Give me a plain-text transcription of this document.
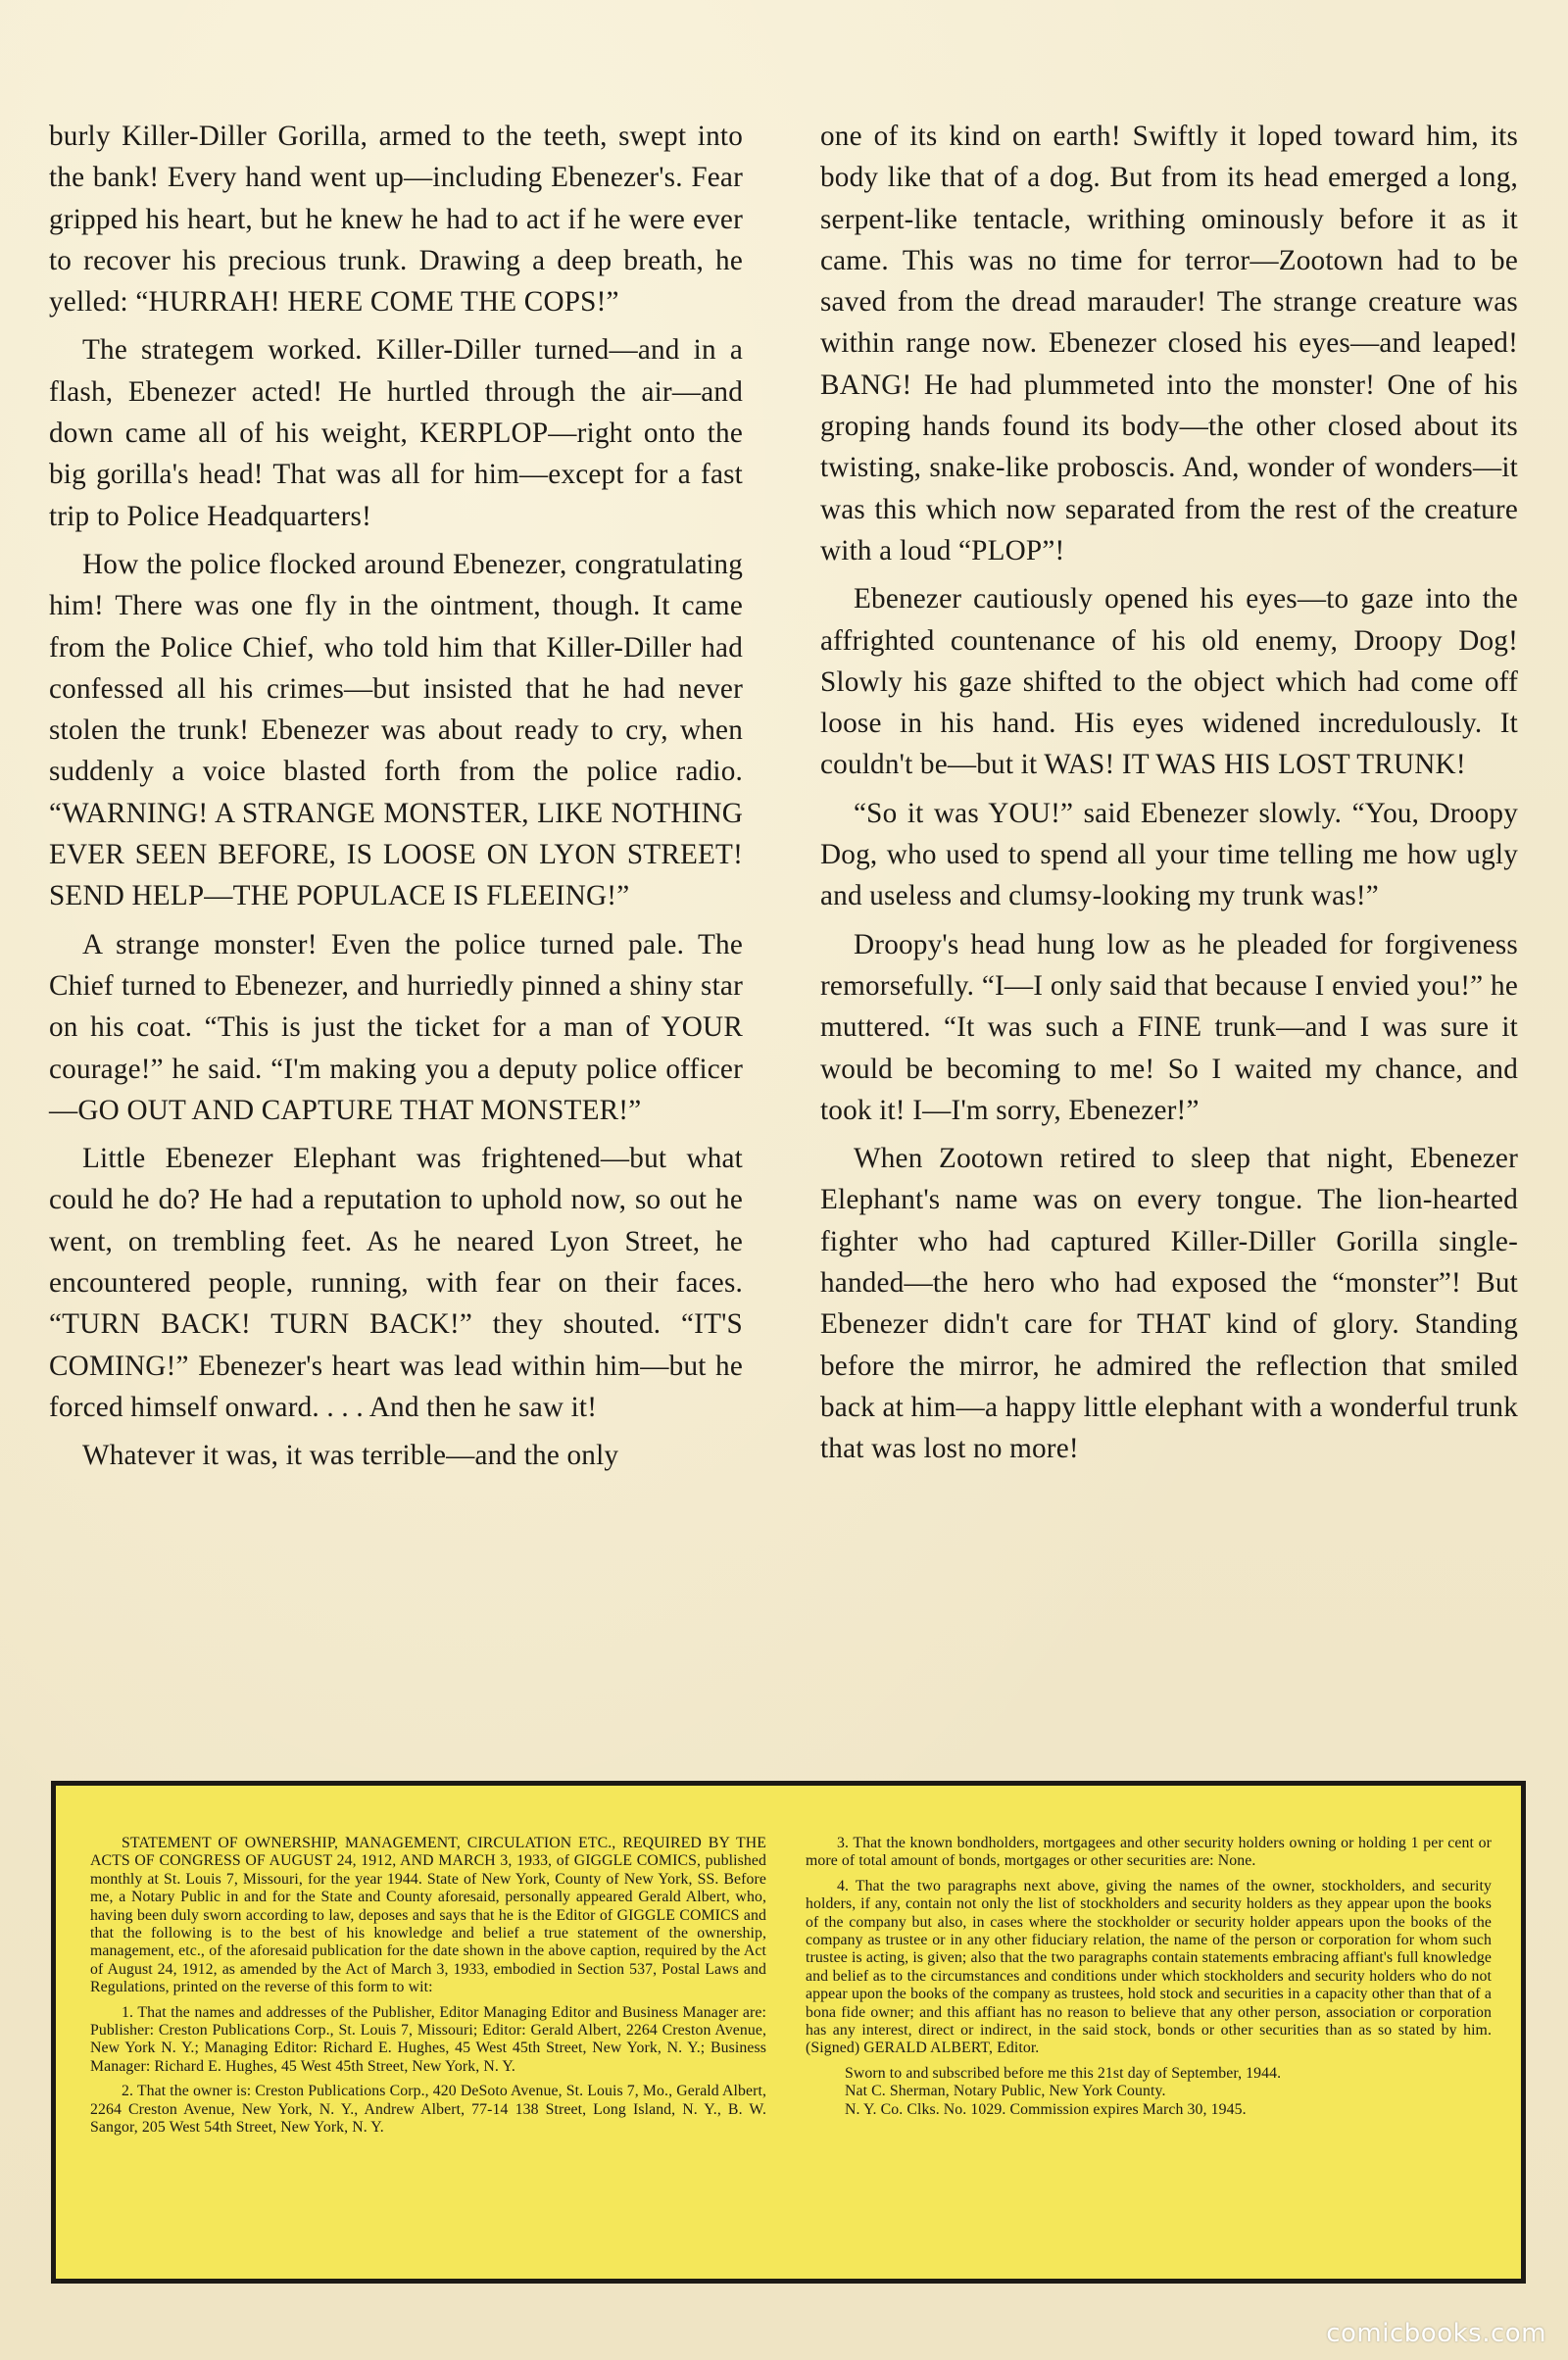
burly Killer-Diller Gorilla, armed to the teeth, swept into the bank! Every hand went up—including Ebenezer's. Fear gripped his heart, but he knew he had to act if he were ever to recover his precious trunk. Drawing a deep breath, he yelled: “HURRAH! HERE COME THE COPS!”

The strategem worked. Killer-Diller turned—and in a flash, Ebenezer acted! He hurtled through the air—and down came all of his weight, KERPLOP—right onto the big gorilla's head! That was all for him—except for a fast trip to Police Headquarters!

How the police flocked around Ebenezer, congratulating him! There was one fly in the ointment, though. It came from the Police Chief, who told him that Killer-Diller had confessed all his crimes—but insisted that he had never stolen the trunk! Ebenezer was about ready to cry, when suddenly a voice blasted forth from the police radio. “WARNING! A STRANGE MONSTER, LIKE NOTHING EVER SEEN BEFORE, IS LOOSE ON LYON STREET! SEND HELP—THE POPULACE IS FLEEING!”

A strange monster! Even the police turned pale. The Chief turned to Ebenezer, and hurriedly pinned a shiny star on his coat. “This is just the ticket for a man of YOUR courage!” he said. “I'm making you a deputy police officer—GO OUT AND CAPTURE THAT MONSTER!”

Little Ebenezer Elephant was frightened—but what could he do? He had a reputation to uphold now, so out he went, on trembling feet. As he neared Lyon Street, he encountered people, running, with fear on their faces. “TURN BACK! TURN BACK!” they shouted. “IT'S COMING!” Ebenezer's heart was lead within him—but he forced himself onward. . . . And then he saw it!

Whatever it was, it was terrible—and the only

one of its kind on earth! Swiftly it loped toward him, its body like that of a dog. But from its head emerged a long, serpent-like tentacle, writhing ominously before it as it came. This was no time for terror—Zootown had to be saved from the dread marauder! The strange creature was within range now. Ebenezer closed his eyes—and leaped! BANG! He had plummeted into the monster! One of his groping hands found its body—the other closed about its twisting, snake-like proboscis. And, wonder of wonders—it was this which now separated from the rest of the creature with a loud “PLOP”!

Ebenezer cautiously opened his eyes—to gaze into the affrighted countenance of his old enemy, Droopy Dog! Slowly his gaze shifted to the object which had come off loose in his hand. His eyes widened incredulously. It couldn't be—but it WAS! IT WAS HIS LOST TRUNK!

“So it was YOU!” said Ebenezer slowly. “You, Droopy Dog, who used to spend all your time telling me how ugly and useless and clumsy-looking my trunk was!”

Droopy's head hung low as he pleaded for forgiveness remorsefully. “I—I only said that because I envied you!” he muttered. “It was such a FINE trunk—and I was sure it would be becoming to me! So I waited my chance, and took it! I—I'm sorry, Ebenezer!”

When Zootown retired to sleep that night, Ebenezer Elephant's name was on every tongue. The lion-hearted fighter who had captured Killer-Diller Gorilla single-handed—the hero who had exposed the “monster”! But Ebenezer didn't care for THAT kind of glory. Standing before the mirror, he admired the reflection that smiled back at him—a happy little elephant with a wonderful trunk that was lost no more!

STATEMENT OF OWNERSHIP, MANAGEMENT, CIRCULATION ETC., REQUIRED BY THE ACTS OF CONGRESS OF AUGUST 24, 1912, AND MARCH 3, 1933, of GIGGLE COMICS, published monthly at St. Louis 7, Missouri, for the year 1944. State of New York, County of New York, SS. Before me, a Notary Public in and for the State and County aforesaid, personally appeared Gerald Albert, who, having been duly sworn according to law, deposes and says that he is the Editor of GIGGLE COMICS and that the following is to the best of his knowledge and belief a true statement of the ownership, management, etc., of the aforesaid publication for the date shown in the above caption, required by the Act of August 24, 1912, as amended by the Act of March 3, 1933, embodied in Section 537, Postal Laws and Regulations, printed on the reverse of this form to wit:

1. That the names and addresses of the Publisher, Editor Managing Editor and Business Manager are: Publisher: Creston Publications Corp., St. Louis 7, Missouri; Editor: Gerald Albert, 2264 Creston Avenue, New York N. Y.; Managing Editor: Richard E. Hughes, 45 West 45th Street, New York, N. Y.; Business Manager: Richard E. Hughes, 45 West 45th Street, New York, N. Y.

2. That the owner is: Creston Publications Corp., 420 DeSoto Avenue, St. Louis 7, Mo., Gerald Albert, 2264 Creston Avenue, New York, N. Y., Andrew Albert, 77-14 138 Street, Long Island, N. Y., B. W. Sangor, 205 West 54th Street, New York, N. Y.

3. That the known bondholders, mortgagees and other security holders owning or holding 1 per cent or more of total amount of bonds, mortgages or other securities are: None.

4. That the two paragraphs next above, giving the names of the owner, stockholders, and security holders, if any, contain not only the list of stockholders and security holders as they appear upon the books of the company but also, in cases where the stockholder or security holder appears upon the books of the company as trustee or in any other fiduciary relation, the name of the person or corporation for whom such trustee is acting, is given; also that the two paragraphs contain statements embracing affiant's full knowledge and belief as to the circumstances and conditions under which stockholders and security holders who do not appear upon the books of the company as trustees, hold stock and securities in a capacity other than that of a bona fide owner; and this affiant has no reason to believe that any other person, association or corporation has any interest, direct or indirect, in the said stock, bonds or other securities than as so stated by him. (Signed) GERALD ALBERT, Editor.

Sworn to and subscribed before me this 21st day of September, 1944.

Nat C. Sherman, Notary Public, New York County.

N. Y. Co. Clks. No. 1029. Commission expires March 30, 1945.

comicbooks.com
